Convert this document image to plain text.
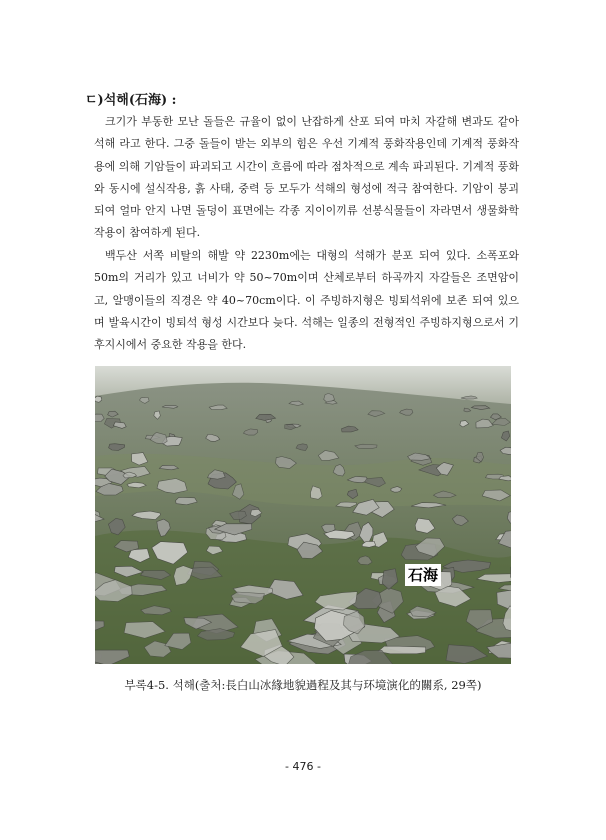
ㄷ)석해(石海) :

크기가 부동한 모난 돌들은 규율이 없이 난잡하게 산포 되여 마치 자갈해 변과도 같아 석해 라고 한다. 그중 돌들이 받는 외부의 힘은 우선 기계적 풍화작용인데 기계적 풍화작용에 의해 기암들이 파괴되고 시간이 흐름에 따라 점차적으로 계속 파괴된다. 기계적 풍화와 동시에 설식작용, 흙 사태, 중력 등 모두가 석해의 형성에 적극 참여한다. 기암이 붕괴 되여 얼마 안지 나면 돌덩이 표면에는 각종 지이이끼류 선봉식물들이 자라면서 생물화학작용이 참여하게 된다.

백두산 서쪽 비탈의 해발 약 2230m에는 대형의 석해가 분포 되여 있다. 소폭포와 50m의 거리가 있고 너비가 약 50~70m이며 산체로부터 하곡까지 자갈들은 조면암이고, 알맹이들의 직경은 약 40~70cm이다. 이 주빙하지형은 빙퇴석위에 보존 되여 있으며 발육시간이 빙퇴석 형성 시간보다 늦다. 석해는 일종의 전형적인 주빙하지형으로서 기후지시에서 중요한 작용을 한다.

石海
부록4-5. 석해(출처:長白山冰緣地貌過程及其与环境演化的關系, 29쪽)
- 476 -
